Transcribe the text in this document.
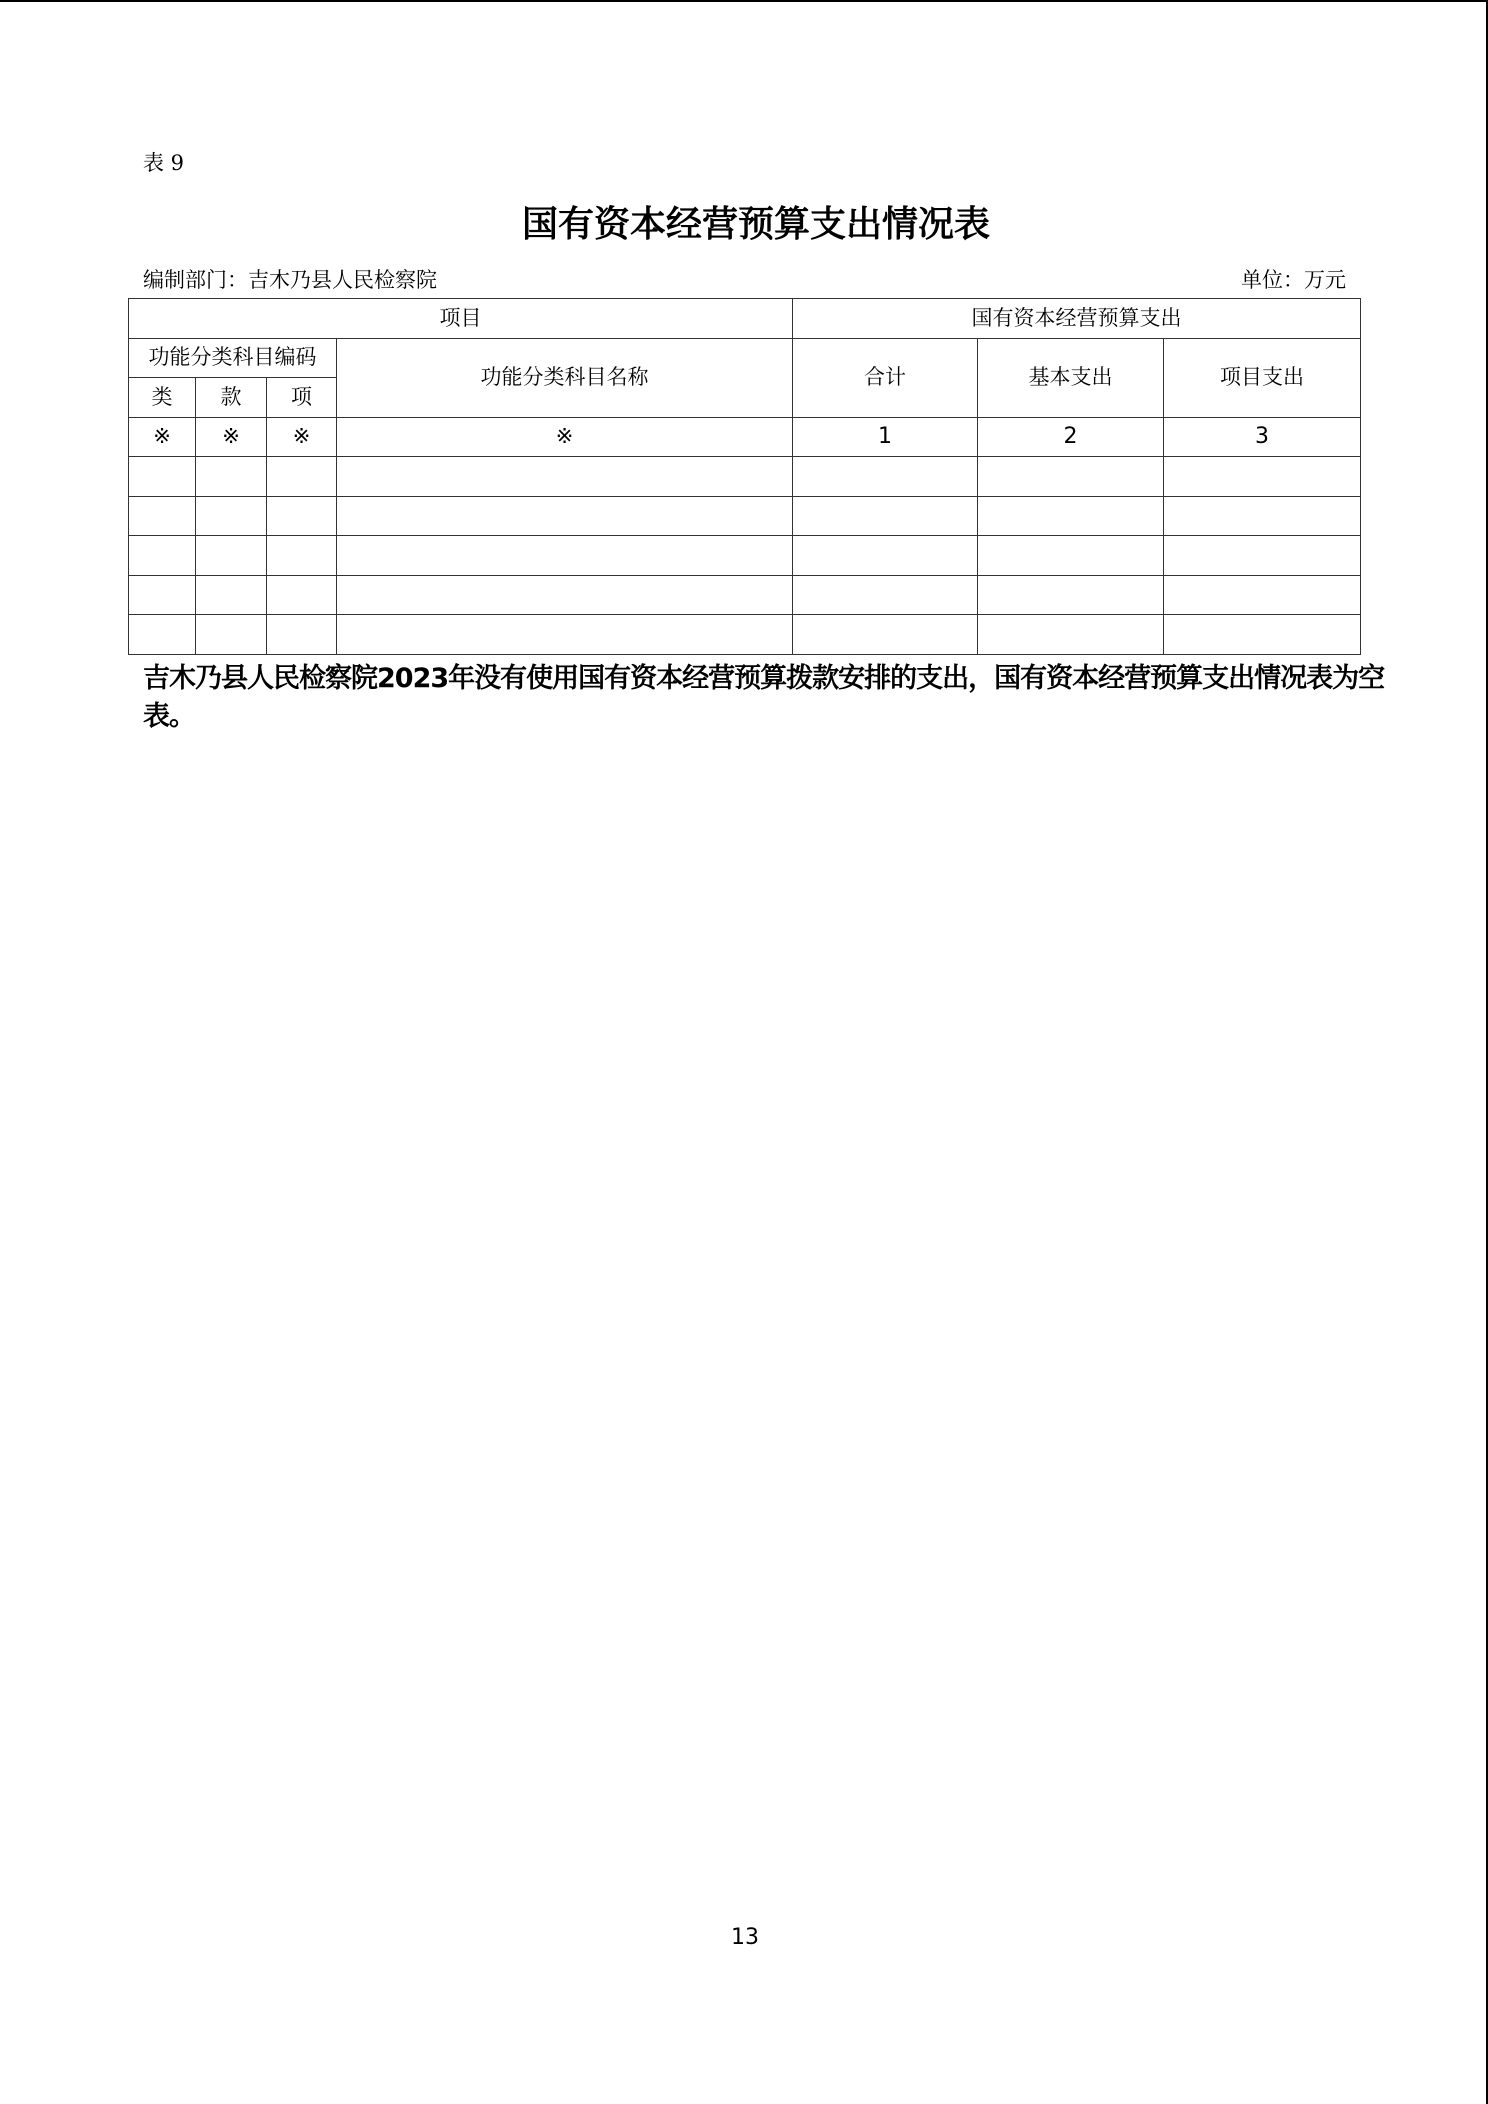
表 9
国有资本经营预算支出情况表
编制部门：吉木乃县人民检察院	单位：万元
项目				国有资本经营预算支出		
功能分类科目编码			功能分类科目名称	合计	基本支出	项目支出
类	款	项				
※	※	※	※	1	2	3

吉木乃县人民检察院2023年没有使用国有资本经营预算拨款安排的支出，国有资本经营预算支出情况表为空表。
13
